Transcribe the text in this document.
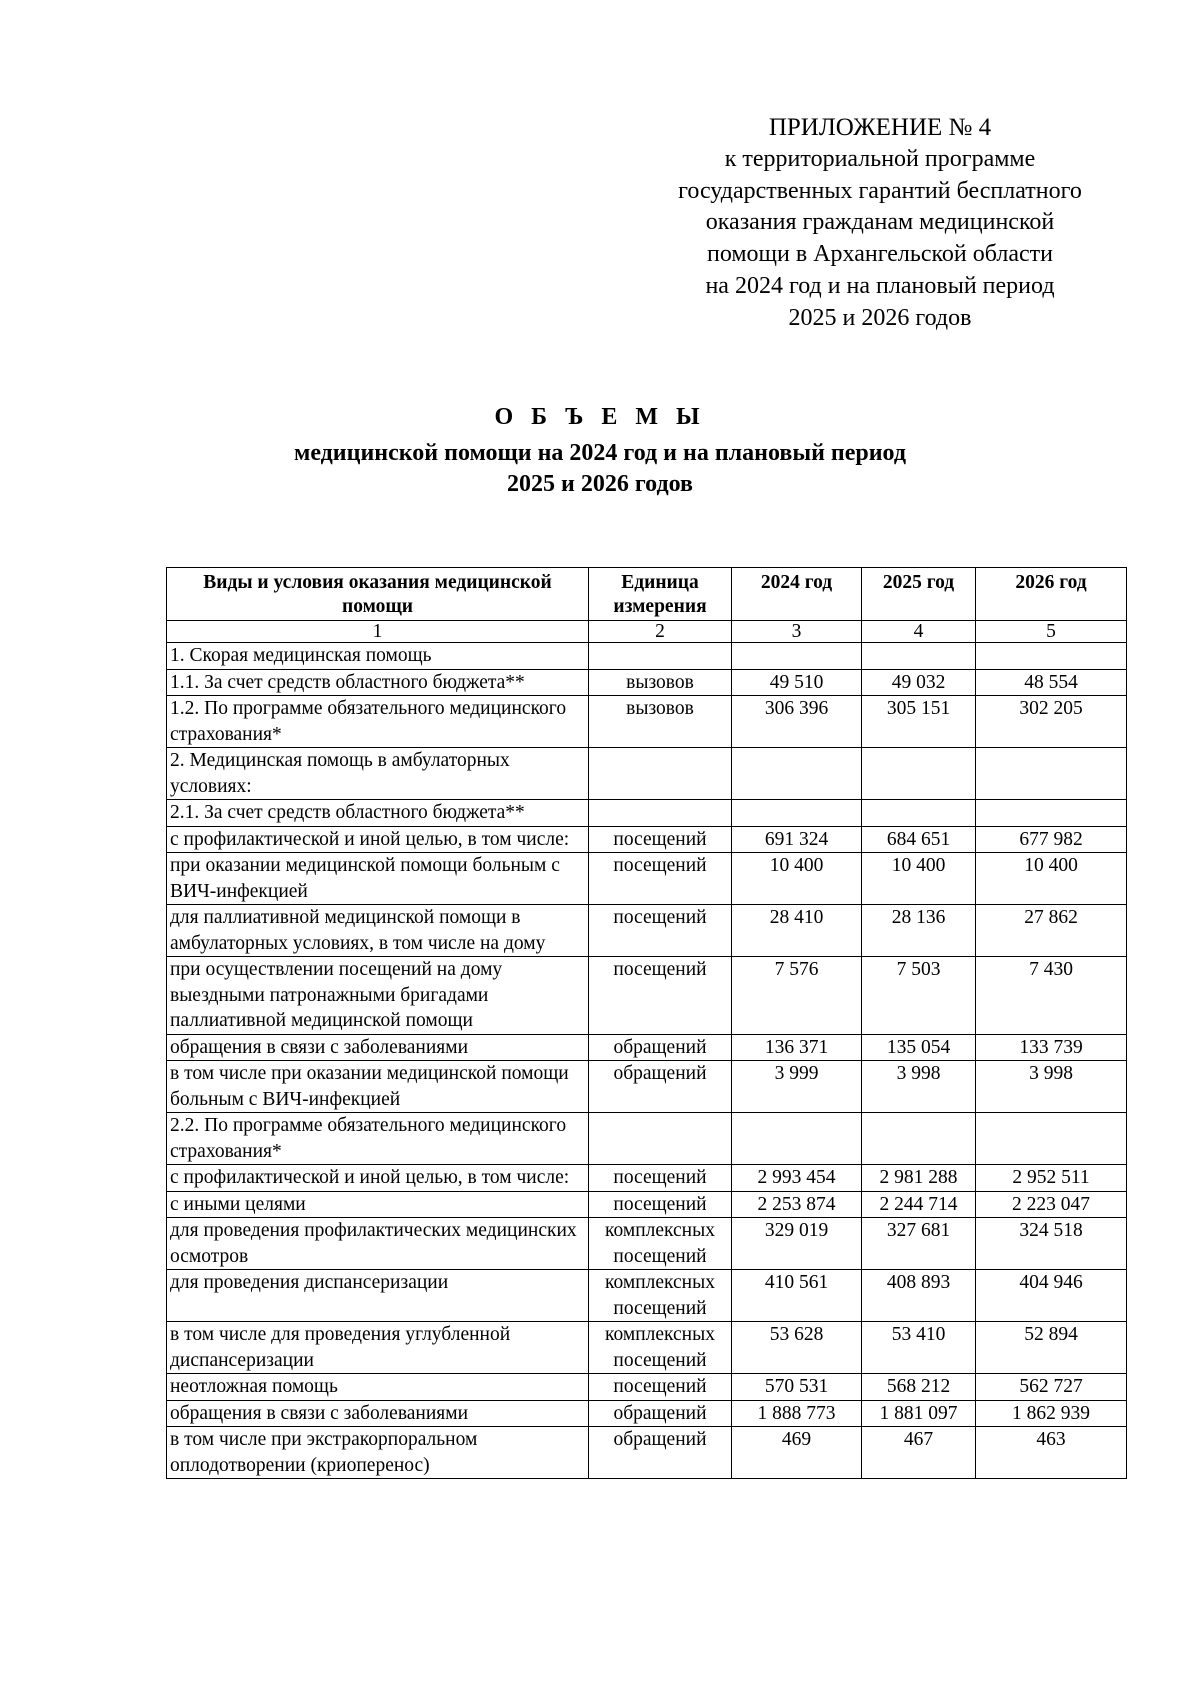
ПРИЛОЖЕНИЕ № 4
к территориальной программе
государственных гарантий бесплатного
оказания гражданам медицинской
помощи в Архангельской области
на 2024 год и на плановый период
2025 и 2026 годов
О Б Ъ Е М Ы
медицинской помощи на 2024 год и на плановый период
2025 и 2026 годов
Виды и условия оказания медицинской помощи	Единица измерения	2024 год	2025 год	2026 год
1	2	3	4	5
1. Скорая медицинская помощь				
1.1. За счет средств областного бюджета**	вызовов	49 510	49 032	48 554
1.2. По программе обязательного медицинского страхования*	вызовов	306 396	305 151	302 205
2. Медицинская помощь в амбулаторных условиях:				
2.1. За счет средств областного бюджета**				
с профилактической и иной целью, в том числе:	посещений	691 324	684 651	677 982
при оказании медицинской помощи больным с ВИЧ-инфекцией	посещений	10 400	10 400	10 400
для паллиативной медицинской помощи в амбулаторных условиях, в том числе на дому	посещений	28 410	28 136	27 862
при осуществлении посещений на дому выездными патронажными бригадами паллиативной медицинской помощи	посещений	7 576	7 503	7 430
обращения в связи с заболеваниями	обращений	136 371	135 054	133 739
в том числе при оказании медицинской помощи больным с ВИЧ-инфекцией	обращений	3 999	3 998	3 998
2.2. По программе обязательного медицинского страхования*				
с профилактической и иной целью, в том числе:	посещений	2 993 454	2 981 288	2 952 511
с иными целями	посещений	2 253 874	2 244 714	2 223 047
для проведения профилактических медицинских осмотров	комплексных посещений	329 019	327 681	324 518
для проведения диспансеризации	комплексных посещений	410 561	408 893	404 946
в том числе для проведения углубленной диспансеризации	комплексных посещений	53 628	53 410	52 894
неотложная помощь	посещений	570 531	568 212	562 727
обращения в связи с заболеваниями	обращений	1 888 773	1 881 097	1 862 939
в том числе при экстракорпоральном оплодотворении (криоперенос)	обращений	469	467	463
